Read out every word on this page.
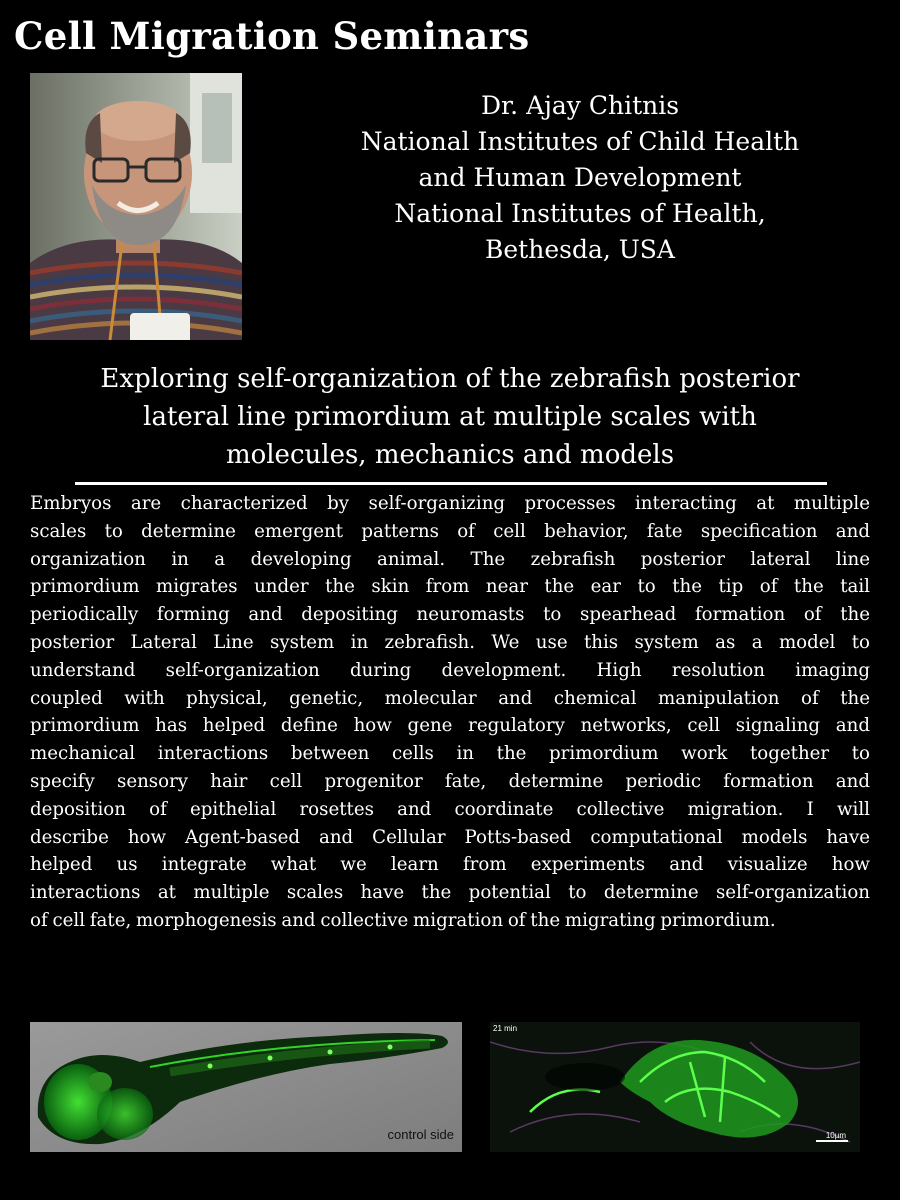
Cell Migration Seminars
Dr. Ajay Chitnis
National Institutes of Child Health
and Human Development
National Institutes of Health,
Bethesda, USA
Exploring self-organization of the zebrafish posterior
lateral line primordium at multiple scales with
molecules, mechanics and models
Embryos are characterized by self-organizing processes interacting at multiple
scales to determine emergent patterns of cell behavior, fate specification and
organization in a developing animal. The zebrafish posterior lateral line
primordium migrates under the skin from near the ear to the tip of the tail
periodically forming and depositing neuromasts to spearhead formation of the
posterior Lateral Line system in zebrafish. We use this system as a model to
understand self-organization during development. High resolution imaging
coupled with physical, genetic, molecular and chemical manipulation of the
primordium has helped define how gene regulatory networks, cell signaling and
mechanical interactions between cells in the primordium work together to
specify sensory hair cell progenitor fate, determine periodic formation and
deposition of epithelial rosettes and coordinate collective migration. I will
describe how Agent-based and Cellular Potts-based computational models have
helped us integrate what we learn from experiments and visualize how
interactions at multiple scales have the potential to determine self-organization
of cell fate, morphogenesis and collective migration of the migrating primordium.
control side
21 min
10µm
